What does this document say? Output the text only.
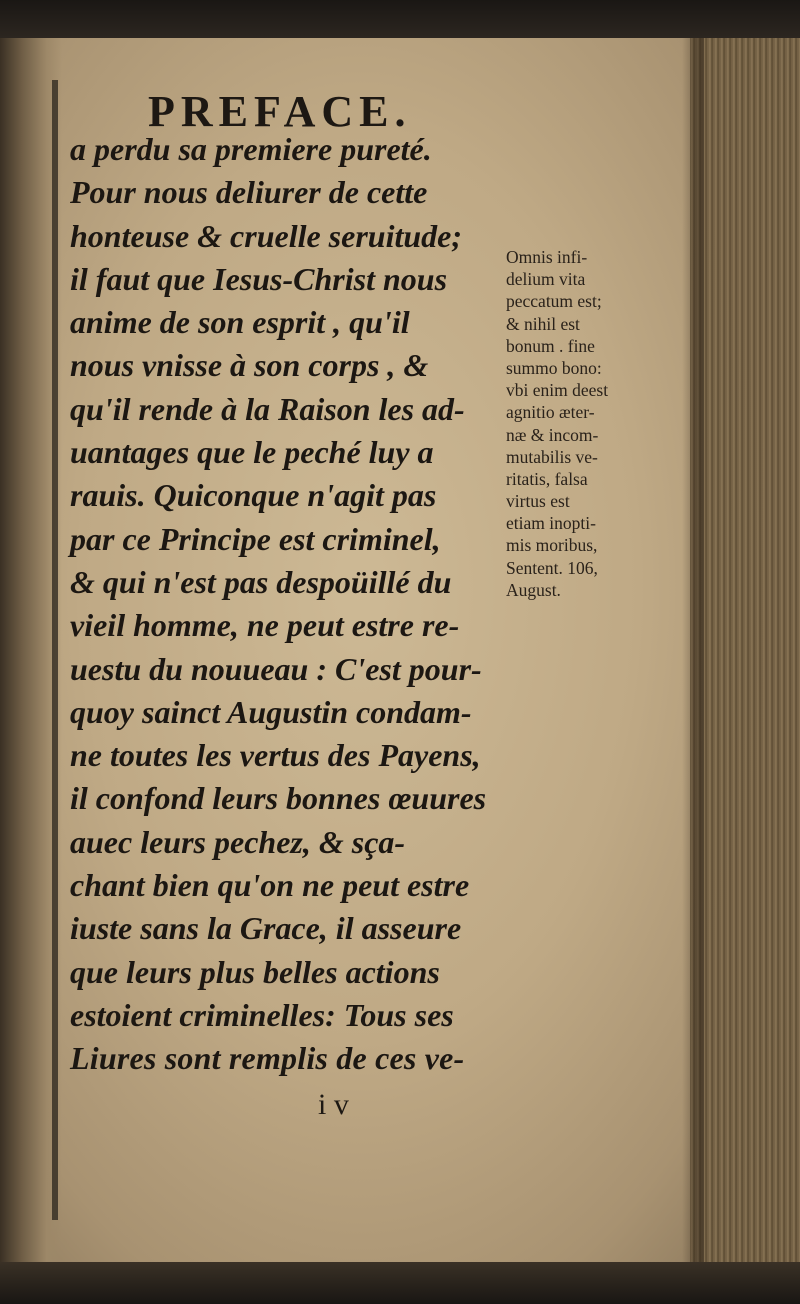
PREFACE.
a perdu sa premiere pureté.
Pour nous deliurer de cette
honteuse & cruelle seruitude;
il faut que Iesus-Christ nous
anime de son esprit , qu'il
nous vnisse à son corps , &
qu'il rende à la Raison les ad-
uantages que le peché luy a
rauis. Quiconque n'agit pas
par ce Principe est criminel,
& qui n'est pas despoüillé du
vieil homme, ne peut estre re-
uestu du nouueau : C'est pour-
quoy sainct Augustin condam-
ne toutes les vertus des Payens,
il confond leurs bonnes œuures
auec leurs pechez, & sça-
chant bien qu'on ne peut estre
iuste sans la Grace, il asseure
que leurs plus belles actions
estoient criminelles: Tous ses
Liures sont remplis de ces ve-
Omnis infi-
delium vita
peccatum est;
& nihil est
bonum . fine
summo bono:
vbi enim deest
agnitio æter-
næ & incom-
mutabilis ve-
ritatis, falsa
virtus est
etiam inopti-
mis moribus,
Sentent. 106,
August.
i v
